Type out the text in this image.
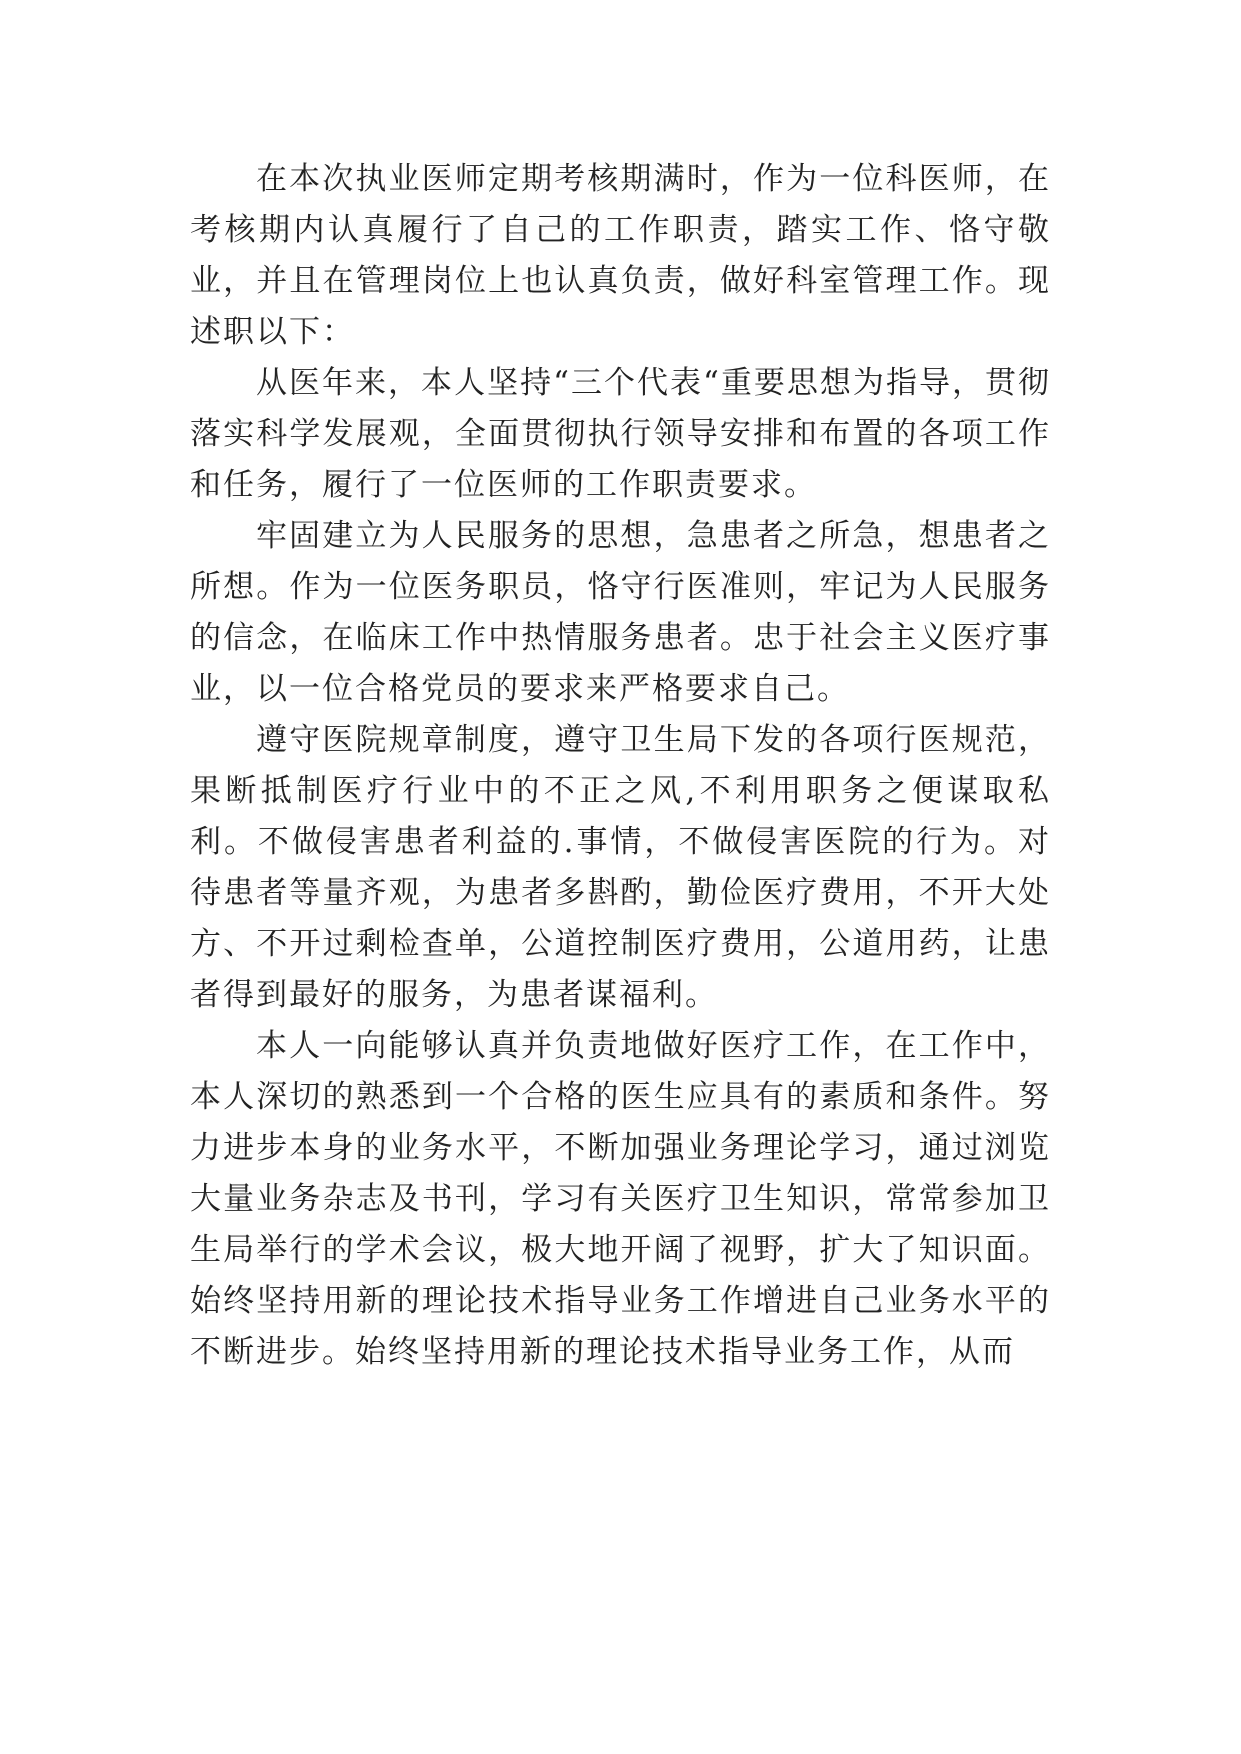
在本次执业医师定期考核期满时，作为一位科医师，在考核期内认真履行了自己的工作职责，踏实工作、恪守敬业，并且在管理岗位上也认真负责，做好科室管理工作。现述职以下：

从医年来，本人坚持“三个代表“重要思想为指导，贯彻落实科学发展观，全面贯彻执行领导安排和布置的各项工作和任务，履行了一位医师的工作职责要求。

牢固建立为人民服务的思想，急患者之所急，想患者之所想。作为一位医务职员，恪守行医准则，牢记为人民服务的信念，在临床工作中热情服务患者。忠于社会主义医疗事业，以一位合格党员的要求来严格要求自己。

遵守医院规章制度，遵守卫生局下发的各项行医规范，果断抵制医疗行业中的不正之风,不利用职务之便谋取私利。不做侵害患者利益的.事情，不做侵害医院的行为。对待患者等量齐观，为患者多斟酌，勤俭医疗费用，不开大处方、不开过剩检查单，公道控制医疗费用，公道用药，让患者得到最好的服务，为患者谋福利。

本人一向能够认真并负责地做好医疗工作，在工作中，本人深切的熟悉到一个合格的医生应具有的素质和条件。努力进步本身的业务水平，不断加强业务理论学习，通过浏览大量业务杂志及书刊，学习有关医疗卫生知识，常常参加卫生局举行的学术会议，极大地开阔了视野，扩大了知识面。始终坚持用新的理论技术指导业务工作增进自己业务水平的不断进步。始终坚持用新的理论技术指导业务工作，从而
